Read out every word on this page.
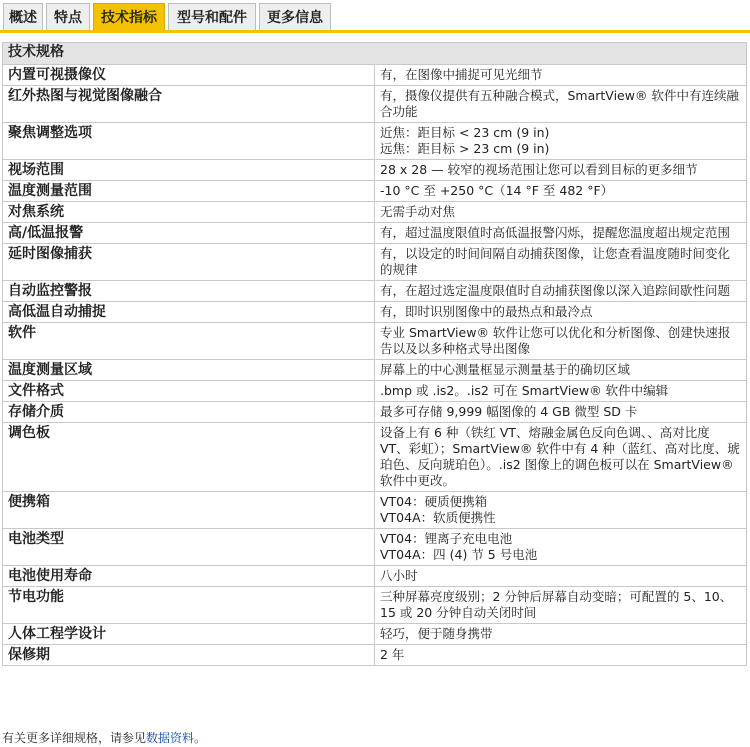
概述	特点	技术指标	型号和配件	更多信息
技术规格	
内置可视摄像仪	有，在图像中捕捉可见光细节

红外热图与视觉图像融合	有，摄像仪提供有五种融合模式，SmartView® 软件中有连续融合功能

聚焦调整选项	近焦：距目标 < 23 cm (9 in)
远焦：距目标 > 23 cm (9 in)

视场范围	28 x 28 — 较窄的视场范围让您可以看到目标的更多细节

温度测量范围	-10 °C 至 +250 °C（14 °F 至 482 °F）

对焦系统	无需手动对焦

高/低温报警	有，超过温度限值时高低温报警闪烁，提醒您温度超出规定范围

延时图像捕获	有，以设定的时间间隔自动捕获图像，让您查看温度随时间变化的规律

自动监控警报	有，在超过选定温度限值时自动捕获图像以深入追踪间歇性问题

高低温自动捕捉	有，即时识别图像中的最热点和最冷点

软件	专业 SmartView® 软件让您可以优化和分析图像、创建快速报告以及以多种格式导出图像

温度测量区域	屏幕上的中心测量框显示测量基于的确切区域

文件格式	.bmp 或 .is2。.is2 可在 SmartView® 软件中编辑

存储介质	最多可存储 9,999 幅图像的 4 GB 微型 SD 卡

调色板	设备上有 6 种（铁红 VT、熔融金属色反向色调、、高对比度 VT、彩虹）；SmartView® 软件中有 4 种（蓝红、高对比度、琥珀色、反向琥珀色）。.is2 图像上的调色板可以在 SmartView® 软件中更改。

便携箱	VT04：硬质便携箱
VT04A：软质便携性

电池类型	VT04：锂离子充电电池
VT04A：四 (4) 节 5 号电池

电池使用寿命	八小时

节电功能	三种屏幕亮度级别；2 分钟后屏幕自动变暗；可配置的 5、10、15 或 20 分钟自动关闭时间

人体工程学设计	轻巧，便于随身携带

保修期	2 年
有关更多详细规格，请参见数据资料。
